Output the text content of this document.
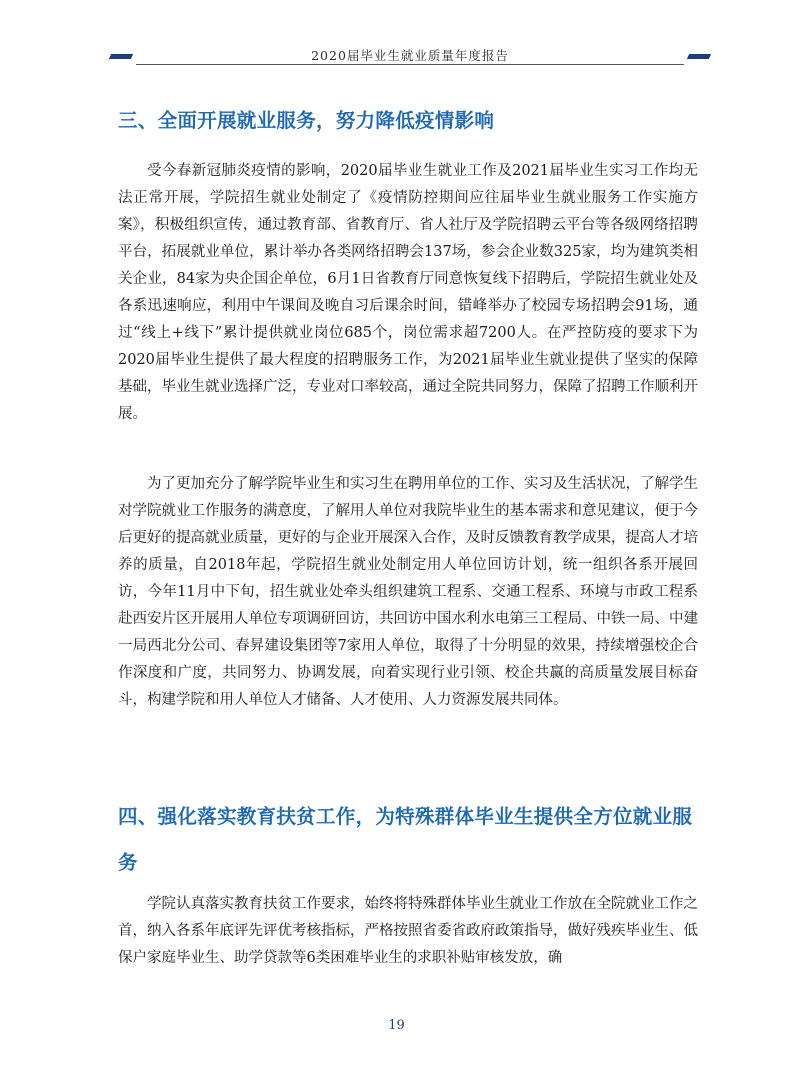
2020届毕业生就业质量年度报告
三、全面开展就业服务，努力降低疫情影响

受今春新冠肺炎疫情的影响，2020届毕业生就业工作及2021届毕业生实习工作均无法正常开展，学院招生就业处制定了《疫情防控期间应往届毕业生就业服务工作实施方案》，积极组织宣传，通过教育部、省教育厅、省人社厅及学院招聘云平台等各级网络招聘平台，拓展就业单位，累计举办各类网络招聘会137场，参会企业数325家，均为建筑类相关企业，84家为央企国企单位，6月1日省教育厅同意恢复线下招聘后，学院招生就业处及各系迅速响应，利用中午课间及晚自习后课余时间，错峰举办了校园专场招聘会91场，通过“线上+线下”累计提供就业岗位685个，岗位需求超7200人。在严控防疫的要求下为2020届毕业生提供了最大程度的招聘服务工作，为2021届毕业生就业提供了坚实的保障基础，毕业生就业选择广泛，专业对口率较高，通过全院共同努力，保障了招聘工作顺利开展。

为了更加充分了解学院毕业生和实习生在聘用单位的工作、实习及生活状况，了解学生对学院就业工作服务的满意度，了解用人单位对我院毕业生的基本需求和意见建议，便于今后更好的提高就业质量，更好的与企业开展深入合作，及时反馈教育教学成果，提高人才培养的质量，自2018年起，学院招生就业处制定用人单位回访计划，统一组织各系开展回访，今年11月中下旬，招生就业处牵头组织建筑工程系、交通工程系、环境与市政工程系赴西安片区开展用人单位专项调研回访，共回访中国水利水电第三工程局、中铁一局、中建一局西北分公司、春昇建设集团等7家用人单位，取得了十分明显的效果，持续增强校企合作深度和广度，共同努力、协调发展，向着实现行业引领、校企共赢的高质量发展目标奋斗，构建学院和用人单位人才储备、人才使用、人力资源发展共同体。

四、强化落实教育扶贫工作，为特殊群体毕业生提供全方位就业服务

学院认真落实教育扶贫工作要求，始终将特殊群体毕业生就业工作放在全院就业工作之首，纳入各系年底评先评优考核指标，严格按照省委省政府政策指导，做好残疾毕业生、低保户家庭毕业生、助学贷款等6类困难毕业生的求职补贴审核发放，确

19
